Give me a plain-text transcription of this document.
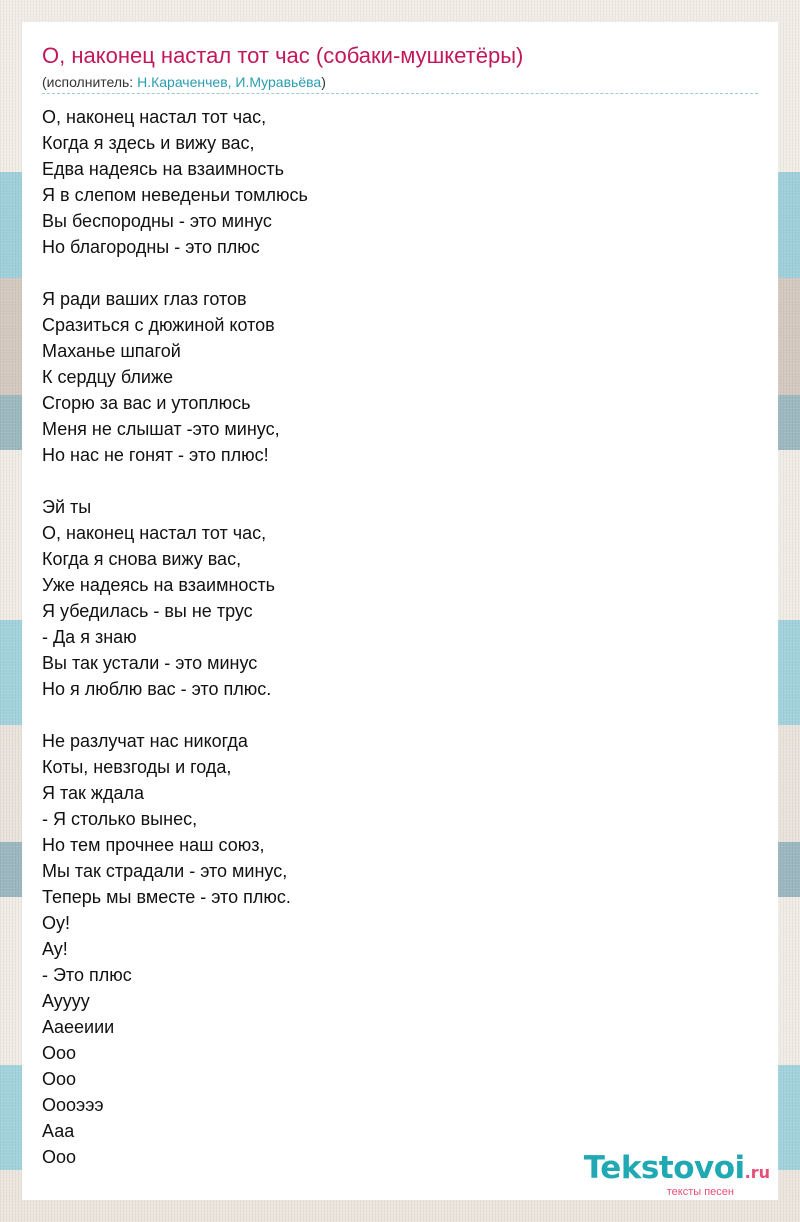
О, наконец настал тот час (собаки-мушкетёры)
(исполнитель: Н.Караченчев, И.Муравьёва)
О, наконец настал тот час,
Когда я здесь и вижу вас,
Едва надеясь на взаимность
Я в слепом неведеньи томлюсь
Вы беспородны - это минус
Но благородны - это плюс
Я ради ваших глаз готов
Сразиться с дюжиной котов
Маханье шпагой
К сердцу ближе
Сгорю за вас и утоплюсь
Меня не слышат -это минус,
Но нас не гонят - это плюс!
Эй ты
О, наконец настал тот час,
Когда я снова вижу вас,
Уже надеясь на взаимность
Я убедилась - вы не трус
- Да я знаю
Вы так устали - это минус
Но я люблю вас - это плюс.
Не разлучат нас никогда
Коты, невзгоды и года,
Я так ждала
- Я столько вынес,
Но тем прочнее наш союз,
Мы так страдали - это минус,
Теперь мы вместе - это плюс.
Оу!
Ау!
- Это плюс
Ауууу
Аaееиии
Ооо
Ооо
Оооэээ
Ааа
Ооо	Tekstovoi.ru
тексты песен
